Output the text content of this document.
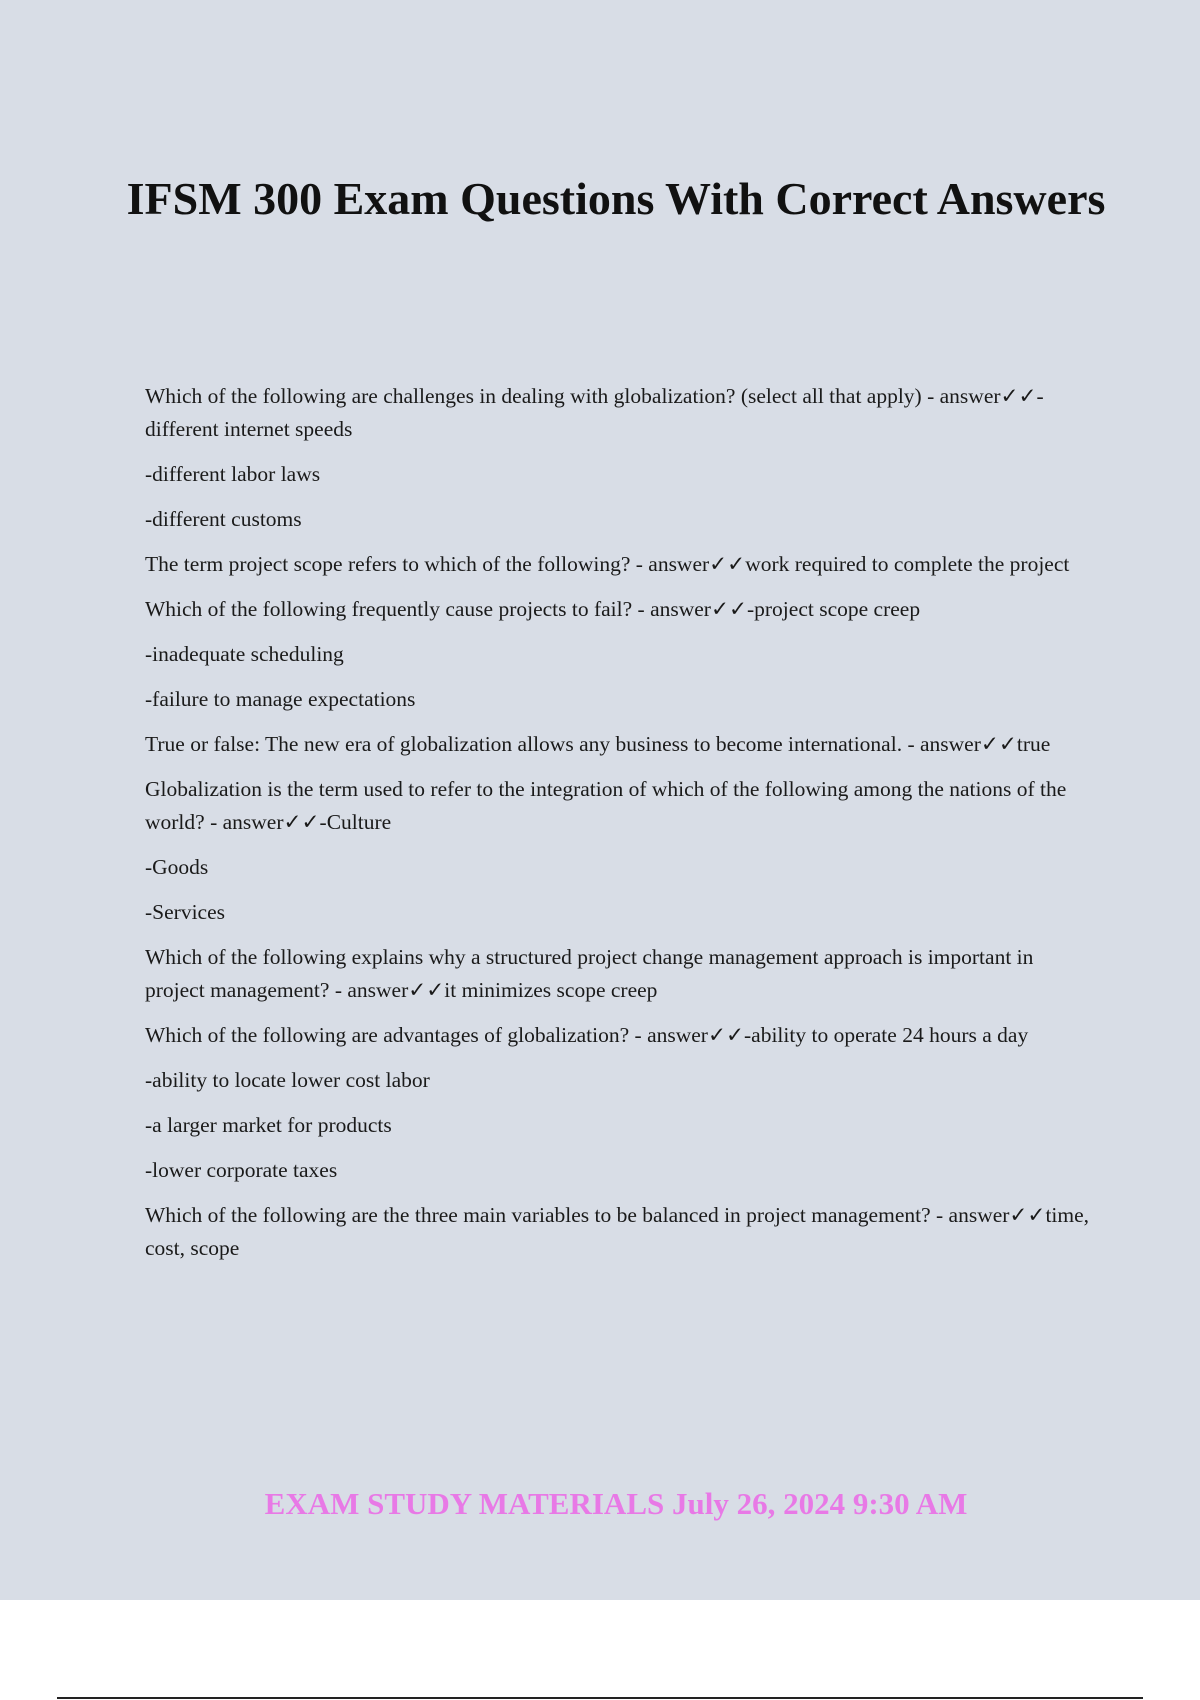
IFSM 300 Exam Questions With Correct Answers

Which of the following are challenges in dealing with globalization? (select all that apply) - answer✓✓-different internet speeds

-different labor laws

-different customs

The term project scope refers to which of the following? - answer✓✓work required to complete the project

Which of the following frequently cause projects to fail? - answer✓✓-project scope creep

-inadequate scheduling

-failure to manage expectations

True or false: The new era of globalization allows any business to become international. - answer✓✓true

Globalization is the term used to refer to the integration of which of the following among the nations of the world? - answer✓✓-Culture

-Goods

-Services

Which of the following explains why a structured project change management approach is important in project management? - answer✓✓it minimizes scope creep

Which of the following are advantages of globalization? - answer✓✓-ability to operate 24 hours a day

-ability to locate lower cost labor

-a larger market for products

-lower corporate taxes

Which of the following are the three main variables to be balanced in project management? - answer✓✓time, cost, scope

EXAM STUDY MATERIALS July 26, 2024 9:30 AM
